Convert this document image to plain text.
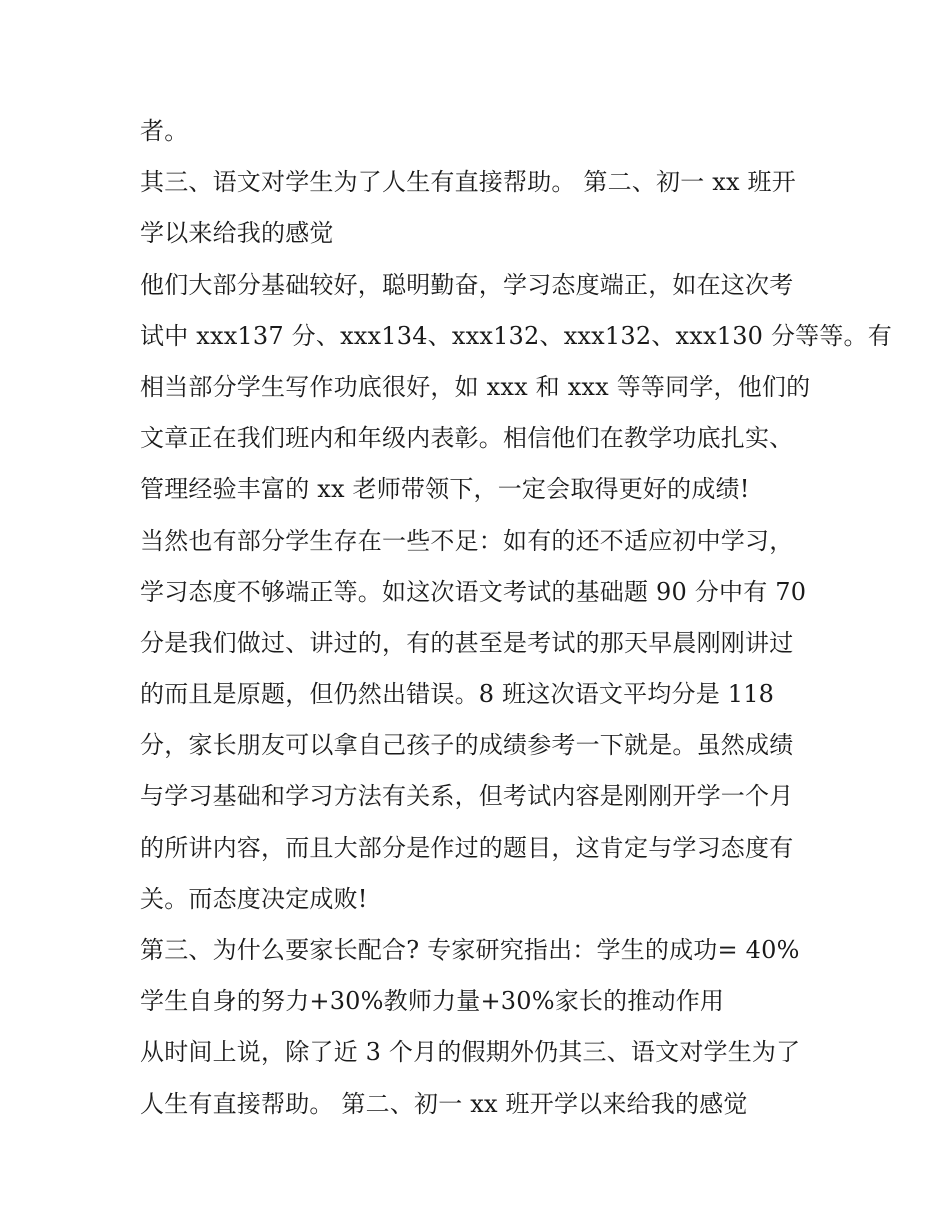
者。
其三、语文对学生为了人生有直接帮助。 第二、初一 xx 班开
学以来给我的感觉
他们大部分基础较好，聪明勤奋，学习态度端正，如在这次考
试中 xxx137 分、xxx134、xxx132、xxx132、xxx130 分等等。有
相当部分学生写作功底很好，如 xxx 和 xxx 等等同学，他们的
文章正在我们班内和年级内表彰。相信他们在教学功底扎实、
管理经验丰富的 xx 老师带领下，一定会取得更好的成绩!
当然也有部分学生存在一些不足：如有的还不适应初中学习，
学习态度不够端正等。如这次语文考试的基础题 90 分中有 70
分是我们做过、讲过的，有的甚至是考试的那天早晨刚刚讲过
的而且是原题，但仍然出错误。8 班这次语文平均分是 118
分，家长朋友可以拿自己孩子的成绩参考一下就是。虽然成绩
与学习基础和学习方法有关系，但考试内容是刚刚开学一个月
的所讲内容，而且大部分是作过的题目，这肯定与学习态度有
关。而态度决定成败!
第三、为什么要家长配合? 专家研究指出：学生的成功= 40%
学生自身的努力+30%教师力量+30%家长的推动作用
从时间上说，除了近 3 个月的假期外仍其三、语文对学生为了
人生有直接帮助。 第二、初一 xx 班开学以来给我的感觉
